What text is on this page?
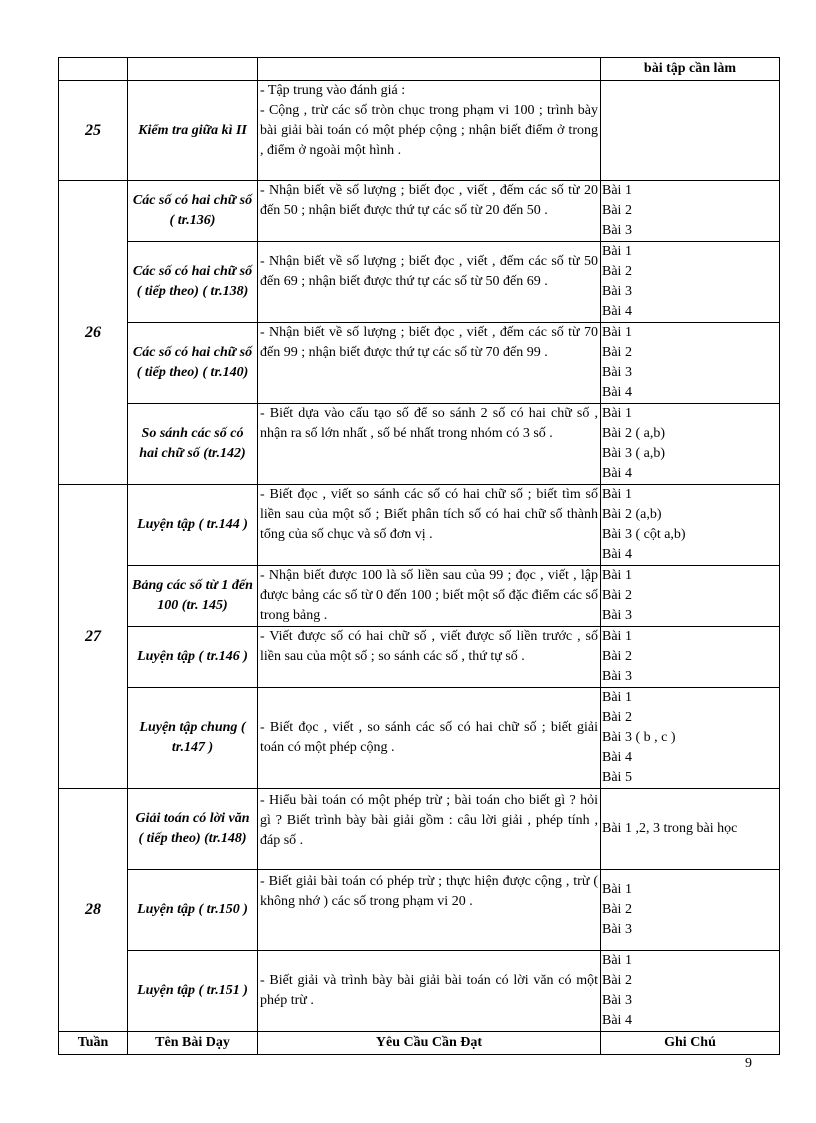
			bài tập cần làm
25	Kiểm tra giữa kì II	- Tập trung vào đánh giá :
- Cộng , trừ các số tròn chục trong phạm vi 100 ; trình bày bài giải bài toán có một phép cộng ; nhận biết điểm ở trong , điểm ở ngoài một hình .	

26	Các số có hai chữ số ( tr.136)	- Nhận biết về số lượng ; biết đọc , viết , đếm các số từ 20 đến 50 ; nhận biết được thứ tự các số từ 20 đến 50 .	Bài 1
Bài 2
Bài 3

	Các số có hai chữ số ( tiếp theo) ( tr.138)	- Nhận biết về số lượng ; biết đọc , viết , đếm các số từ 50 đến 69 ; nhận biết được thứ tự các số từ 50 đến 69 .	Bài 1
Bài 2
Bài 3
Bài 4

	Các số có hai chữ số ( tiếp theo) ( tr.140)	- Nhận biết về số lượng ; biết đọc , viết , đếm các số từ 70 đến 99 ; nhận biết được thứ tự các số từ 70 đến 99 .	Bài 1
Bài 2
Bài 3
Bài 4

	So sánh các số có hai chữ số (tr.142)	- Biết dựa vào cấu tạo số để so sánh 2 số có hai chữ số , nhận ra số lớn nhất , số bé nhất trong nhóm có 3 số .	Bài 1
Bài 2 ( a,b)
Bài 3 ( a,b)
Bài 4

27	Luyện tập ( tr.144 )	- Biết đọc , viết so sánh các số có hai chữ số ; biết tìm số liền sau của một số ; Biết phân tích số có hai chữ số thành tổng của số chục và số đơn vị .	Bài 1
Bài 2 (a,b)
Bài 3 ( cột a,b)
Bài 4

	Bảng các số từ 1 đến 100 (tr. 145)	- Nhận biết được 100 là số liền sau của 99 ; đọc , viết , lập được bảng các số từ 0 đến 100 ; biết một số đặc điểm các số trong bảng .	Bài 1
Bài 2
Bài 3

	Luyện tập ( tr.146 )	- Viết được số có hai chữ số , viết được số liền trước , số liền sau của một số ; so sánh các số , thứ tự số .	Bài 1
Bài 2
Bài 3

	Luyện tập chung ( tr.147 )	- Biết đọc , viết , so sánh các số có hai chữ số ; biết giải toán có một phép cộng .	Bài 1
Bài 2
Bài 3 ( b , c )
Bài 4
Bài 5

28	Giải toán có lời văn ( tiếp theo) (tr.148)	- Hiểu bài toán có một phép trừ ; bài toán cho biết gì ? hỏi gì ? Biết trình bày bài giải gồm : câu lời giải , phép tính , đáp số .	Bài 1 ,2, 3 trong bài học

	Luyện tập ( tr.150 )	- Biết giải bài toán có phép trừ ; thực hiện được cộng , trừ ( không nhớ ) các số trong phạm vi 20 .	Bài 1
Bài 2
Bài 3

	Luyện tập ( tr.151 )	- Biết giải và trình bày bài giải bài toán có lời văn có một phép trừ .	Bài 1
Bài 2
Bài 3
Bài 4

Tuần	Tên Bài Dạy	Yêu Cầu Cần Đạt	Ghi Chú
9
